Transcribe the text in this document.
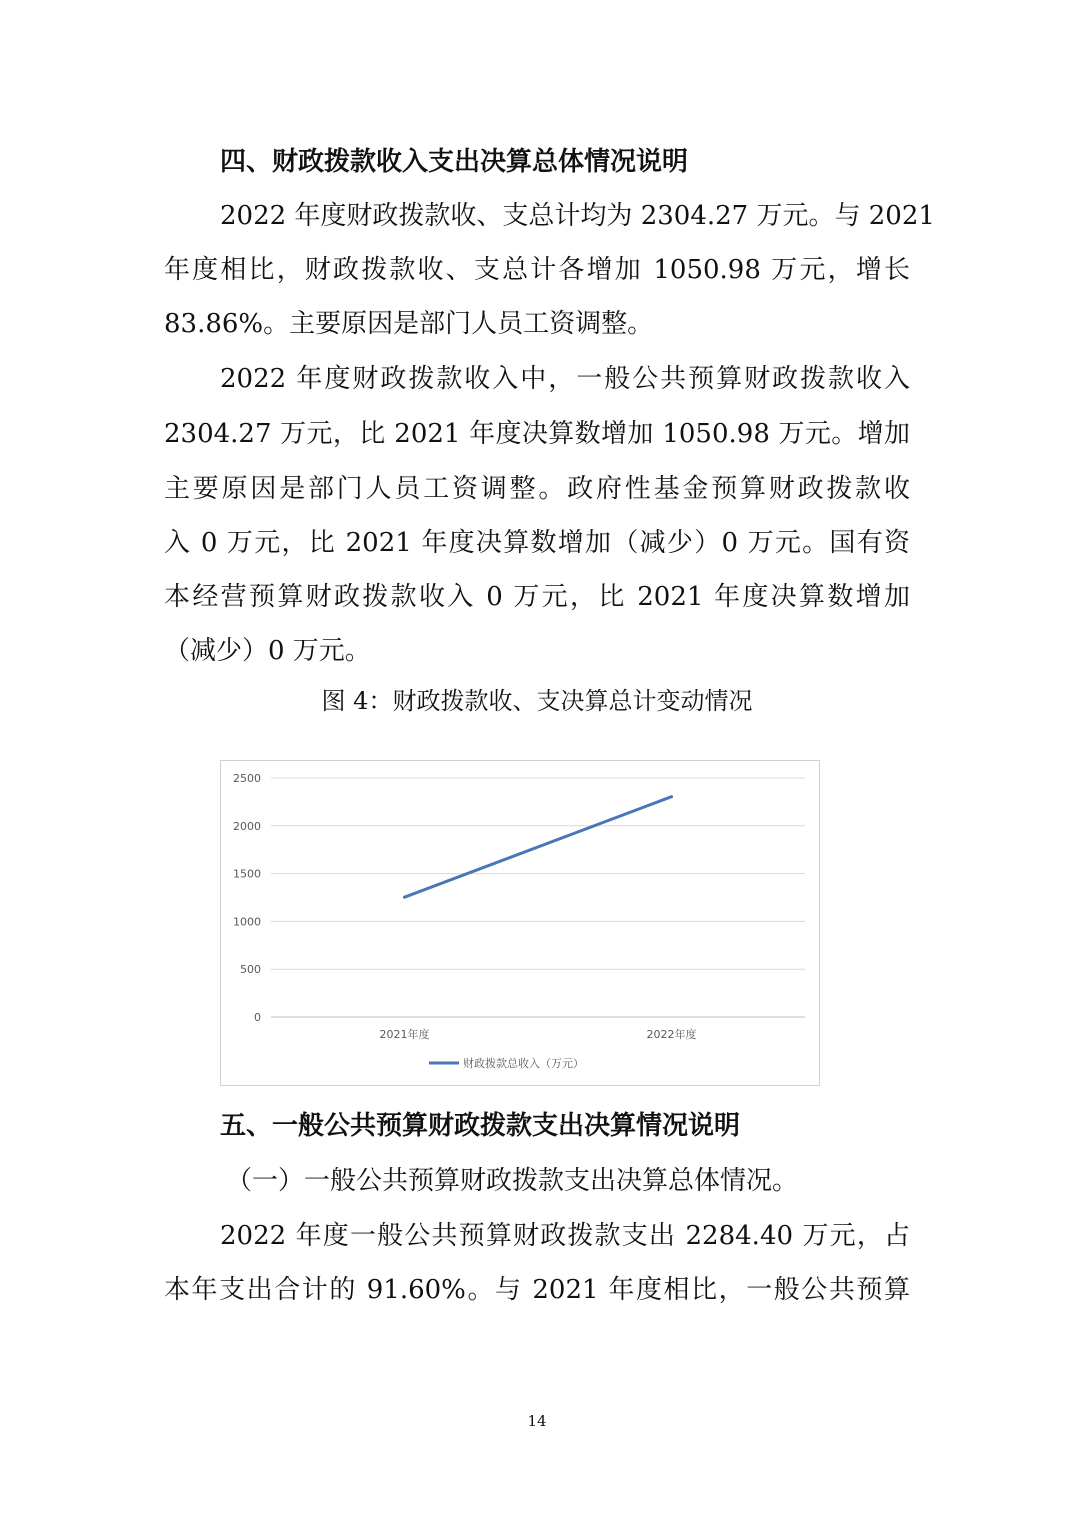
四、财政拨款收入支出决算总体情况说明
2022 年度财政拨款收、支总计均为 2304.27 万元。与 2021
年度相比，财政拨款收、支总计各增加 1050.98 万元，增长
83.86%。主要原因是部门人员工资调整。
2022 年度财政拨款收入中，一般公共预算财政拨款收入
2304.27 万元，比 2021 年度决算数增加 1050.98 万元。增加
主要原因是部门人员工资调整。政府性基金预算财政拨款收
入 0 万元，比 2021 年度决算数增加（减少）0 万元。国有资
本经营预算财政拨款收入 0 万元，比 2021 年度决算数增加
（减少）0 万元。
图 4：财政拨款收、支决算总计变动情况
0
500
1000
1500
2000
2500
2021年度	2022年度
财政拨款总收入（万元）
五、一般公共预算财政拨款支出决算情况说明
（一）一般公共预算财政拨款支出决算总体情况。
2022 年度一般公共预算财政拨款支出 2284.40 万元，占
本年支出合计的 91.60%。与 2021 年度相比，一般公共预算
14
